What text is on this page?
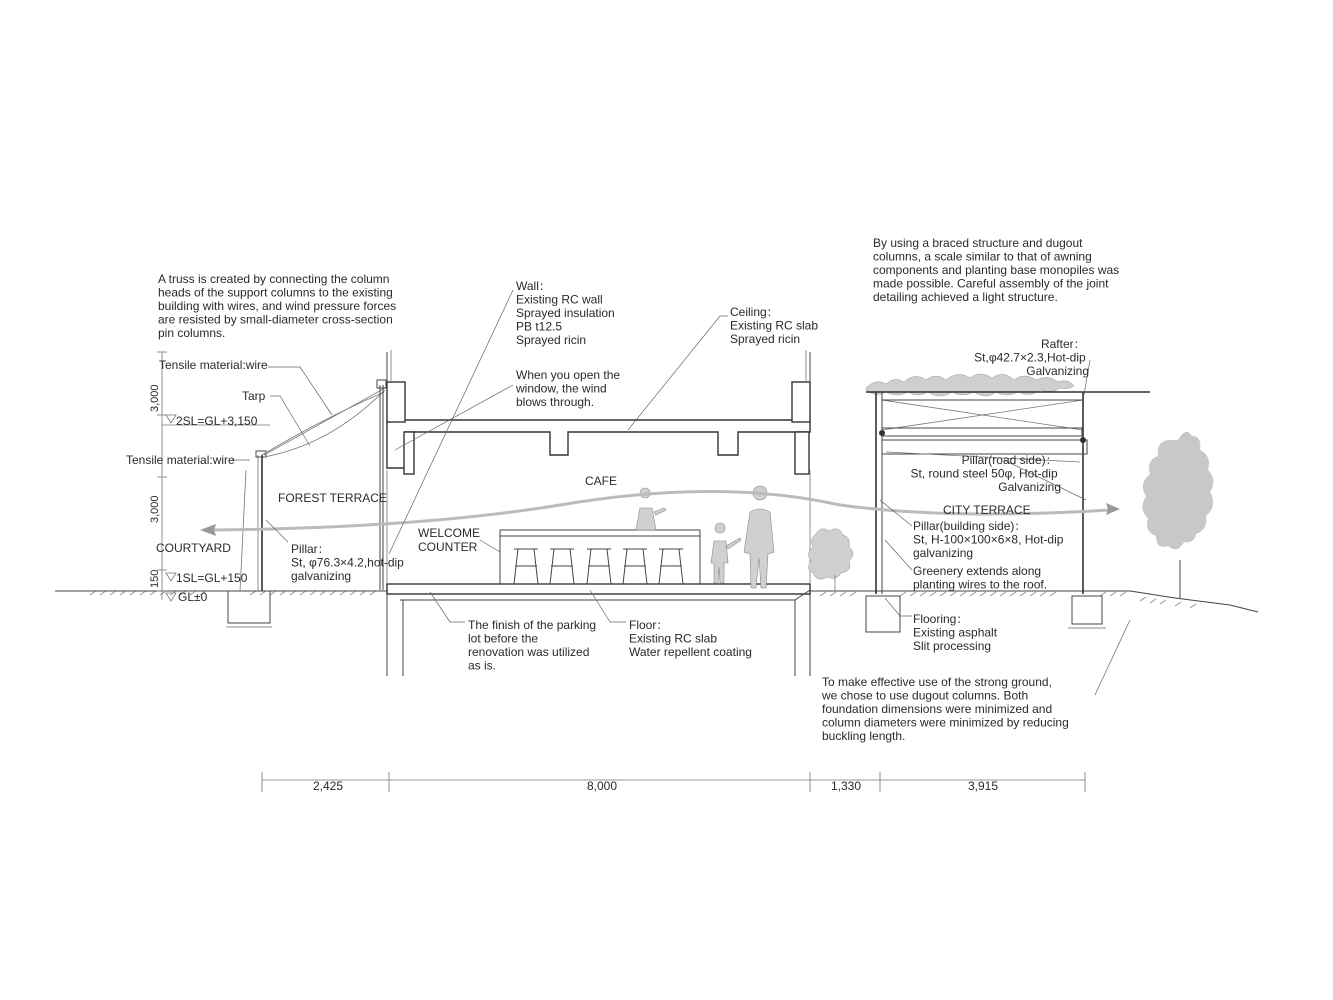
3,000
3,000
150
2,425	8,000	1,330	3,915
2SL=GL+3,150
1SL=GL+150
GL±0
Tensile material:wire
Tarp
Tensile material:wire
FOREST TERRACE
CAFE
CITY TERRACE
COURTYARD
A truss is created by connecting the column heads of the support columns to the existing building with wires, and wind pressure forces are resisted by small-diameter cross-section pin columns.
Wall： Existing RC wall Sprayed insulation PB t12.5 Sprayed ricin
Ceiling： Existing RC slab Sprayed ricin
When you open the window, the wind blows through.
By using a braced structure and dugout columns, a scale similar to that of awning components and planting base monopiles was made possible. Careful assembly of the joint detailing achieved a light structure.
Rafter： St,φ42.7×2.3,Hot-dip Galvanizing
Pillar(road side)： St, round steel 50φ, Hot-dip Galvanizing
Pillar(building side)： St, H-100×100×6×8, Hot-dip galvanizing
Greenery extends along planting wires to the roof.
Flooring： Existing asphalt Slit processing
To make effective use of the strong ground, we chose to use dugout columns. Both foundation dimensions were minimized and column diameters were minimized by reducing buckling length.
The finish of the parking lot before the renovation was utilized as is.
Floor： Existing RC slab Water repellent coating
Pillar： St, φ76.3×4.2,hot-dip galvanizing
WELCOME COUNTER
